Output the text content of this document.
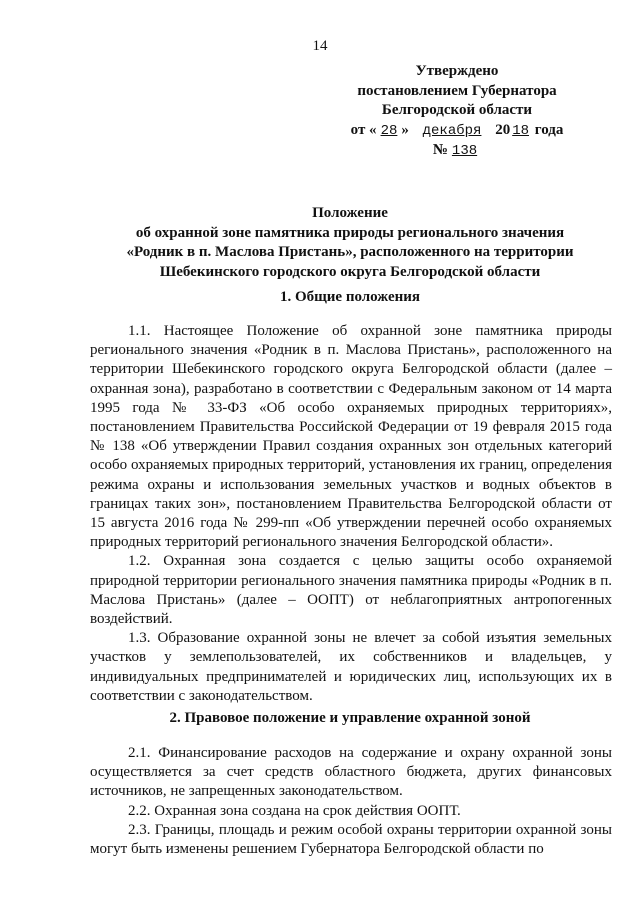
14
Утверждено
постановлением Губернатора
Белгородской области
от « 28 » декабря 20 18 года
№ 138
Положение
об охранной зоне памятника природы регионального значения
«Родник в п. Маслова Пристань», расположенного на территории
Шебекинского городского округа Белгородской области
1. Общие положения

1.1. Настоящее Положение об охранной зоне памятника природы регионального значения «Родник в п. Маслова Пристань», расположенного на территории Шебекинского городского округа Белгородской области (далее – охранная зона), разработано в соответствии с Федеральным законом от 14 марта 1995 года № 33-ФЗ «Об особо охраняемых природных территориях», постановлением Правительства Российской Федерации от 19 февраля 2015 года № 138 «Об утверждении Правил создания охранных зон отдельных категорий особо охраняемых природных территорий, установления их границ, определения режима охраны и использования земельных участков и водных объектов в границах таких зон», постановлением Правительства Белгородской области от 15 августа 2016 года № 299-пп «Об утверждении перечней особо охраняемых природных территорий регионального значения Белгородской области».

1.2. Охранная зона создается с целью защиты особо охраняемой природной территории регионального значения памятника природы «Родник в п. Маслова Пристань» (далее – ООПТ) от неблагоприятных антропогенных воздействий.

1.3. Образование охранной зоны не влечет за собой изъятия земельных участков у землепользователей, их собственников и владельцев, у индивидуальных предпринимателей и юридических лиц, использующих их в соответствии с законодательством.

2. Правовое положение и управление охранной зоной

2.1. Финансирование расходов на содержание и охрану охранной зоны осуществляется за счет средств областного бюджета, других финансовых источников, не запрещенных законодательством.

2.2. Охранная зона создана на срок действия ООПТ.

2.3. Границы, площадь и режим особой охраны территории охранной зоны могут быть изменены решением Губернатора Белгородской области по
